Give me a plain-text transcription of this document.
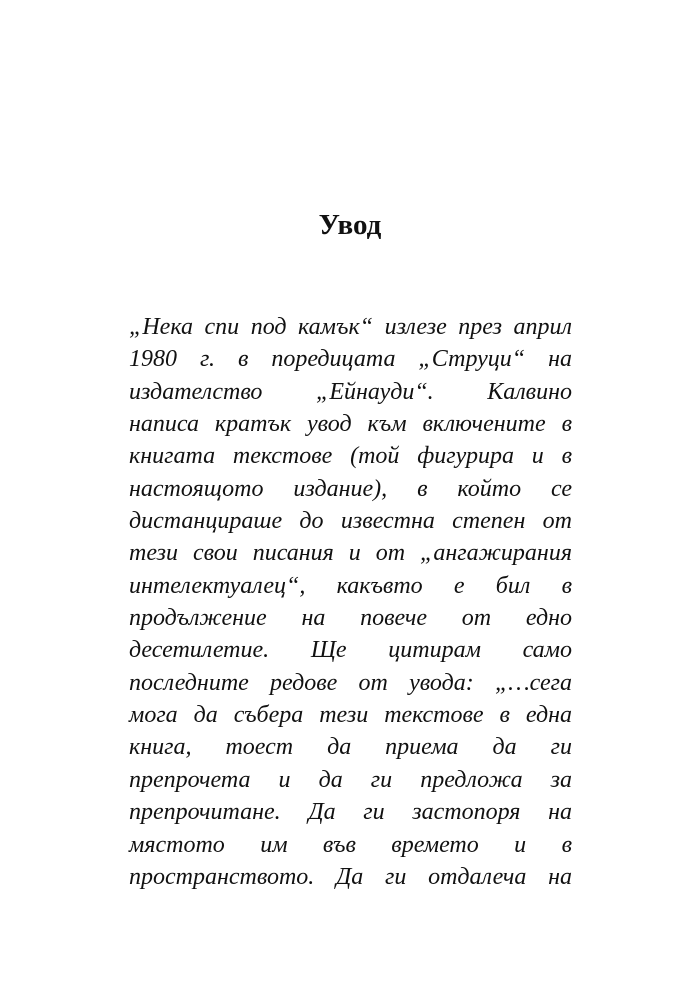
Увод
„Нека спи под камък“ излезе през април
1980 г. в поредицата „Струци“ на
издателство „Ейнауди“. Калвино
написа кратък увод към включените в
книгата текстове (той фигурира и в
настоящото издание), в който се
дистанцираше до известна степен от
тези свои писания и от „ангажирания
интелектуалец“, какъвто е бил в
продължение на повече от едно
десетилетие. Ще цитирам само
последните редове от увода: „…сега
мога да събера тези текстове в една
книга, тоест да приема да ги
препрочета и да ги предложа за
препрочитане. Да ги застопоря на
мястото им във времето и в
пространството. Да ги отдалеча на
